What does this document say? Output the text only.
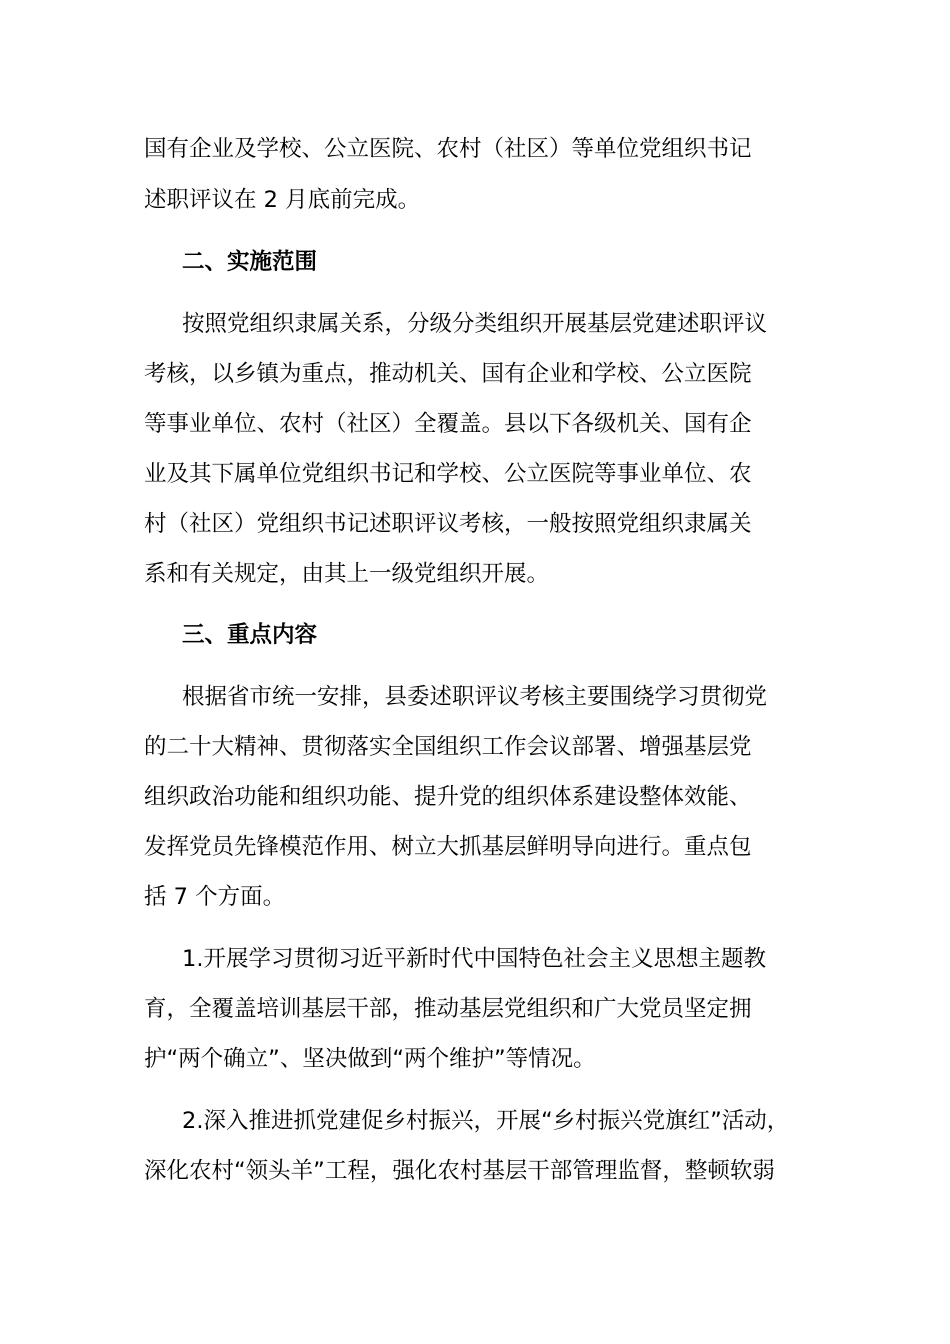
国有企业及学校、公立医院、农村（社区）等单位党组织书记
述职评议在 2 月底前完成。
二、实施范围
按照党组织隶属关系，分级分类组织开展基层党建述职评议
考核，以乡镇为重点，推动机关、国有企业和学校、公立医院
等事业单位、农村（社区）全覆盖。县以下各级机关、国有企
业及其下属单位党组织书记和学校、公立医院等事业单位、农
村（社区）党组织书记述职评议考核，一般按照党组织隶属关
系和有关规定，由其上一级党组织开展。
三、重点内容
根据省市统一安排，县委述职评议考核主要围绕学习贯彻党
的二十大精神、贯彻落实全国组织工作会议部署、增强基层党
组织政治功能和组织功能、提升党的组织体系建设整体效能、
发挥党员先锋模范作用、树立大抓基层鲜明导向进行。重点包
括 7 个方面。
1.开展学习贯彻习近平新时代中国特色社会主义思想主题教
育，全覆盖培训基层干部，推动基层党组织和广大党员坚定拥
护“两个确立”、坚决做到“两个维护”等情况。
2.深入推进抓党建促乡村振兴，开展“乡村振兴党旗红”活动，
深化农村“领头羊”工程，强化农村基层干部管理监督，整顿软弱
